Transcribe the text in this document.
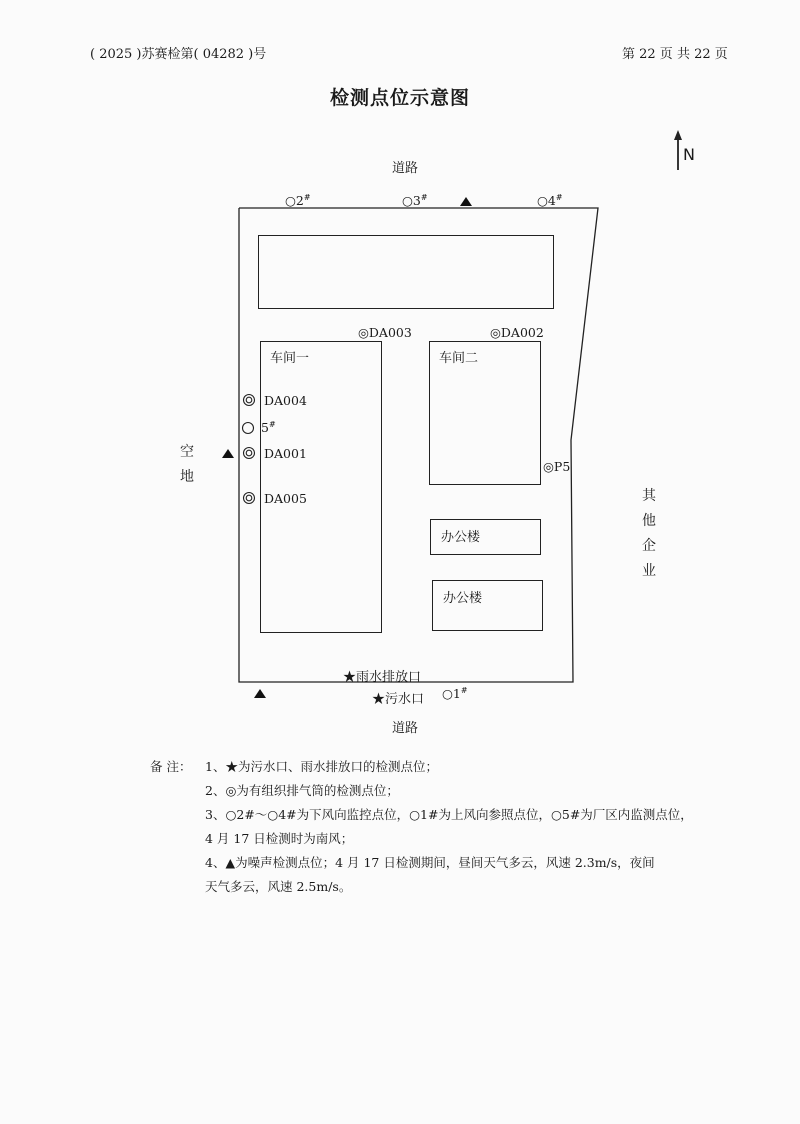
( 2025 )苏赛检第( 04282 )号	第 22 页 共 22 页
检测点位示意图
N
道路
道路
空
地
其
他
企
业
○2#	○3#	○4#
车间一	车间二
办公楼
办公楼
◎DA003	◎DA002
DA004
5#
DA001
DA005
◎P5
★雨水排放口
★污水口 ○1#
备 注： 1、★为污水口、雨水排放口的检测点位；
2、◎为有组织排气筒的检测点位；
3、○2#～○4#为下风向监控点位，○1#为上风向参照点位，○5#为厂区内监测点位，
4 月 17 日检测时为南风；
4、▲为噪声检测点位；4 月 17 日检测期间，昼间天气多云，风速 2.3m/s，夜间
天气多云，风速 2.5m/s。
